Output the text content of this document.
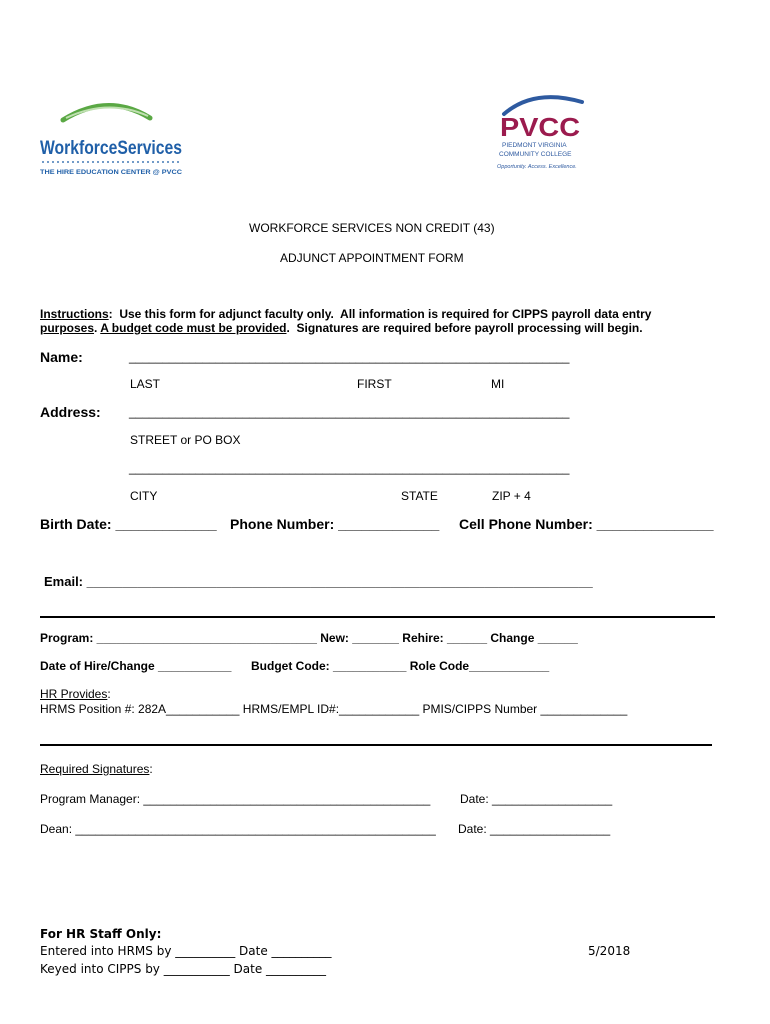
WorkforceServices
THE HIRE EDUCATION CENTER @ PVCC
PVCC
PIEDMONT VIRGINIA
COMMUNITY COLLEGE
Opportunity. Access. Excellence.
WORKFORCE SERVICES NON CREDIT (43)
ADJUNCT APPOINTMENT FORM
Instructions:  Use this form for adjunct faculty only.  All information is required for CIPPS payroll data entry
purposes. A budget code must be provided.  Signatures are required before payroll processing will begin.
Name:	__________________________________________________________________
LAST	FIRST	MI
Address: __________________________________________________________________
STREET or PO BOX
__________________________________________________________________
CITY	STATE	ZIP + 4
Birth Date: _____________ Phone Number: _____________ Cell Phone Number: _______________
Email: ______________________________________________________________________
Program: _________________________________ New: _______ Rehire: ______ Change ______
Date of Hire/Change ___________ Budget Code: ___________ Role Code____________
HR Provides:
HRMS Position #: 282A___________ HRMS/EMPL ID#:____________ PMIS/CIPPS Number _____________
Required Signatures:
Program Manager: ___________________________________________ Date: __________________
Dean: ______________________________________________________ Date: __________________
For HR Staff Only:
Entered into HRMS by __________ Date __________
Keyed into CIPPS by ___________ Date __________
5/2018
